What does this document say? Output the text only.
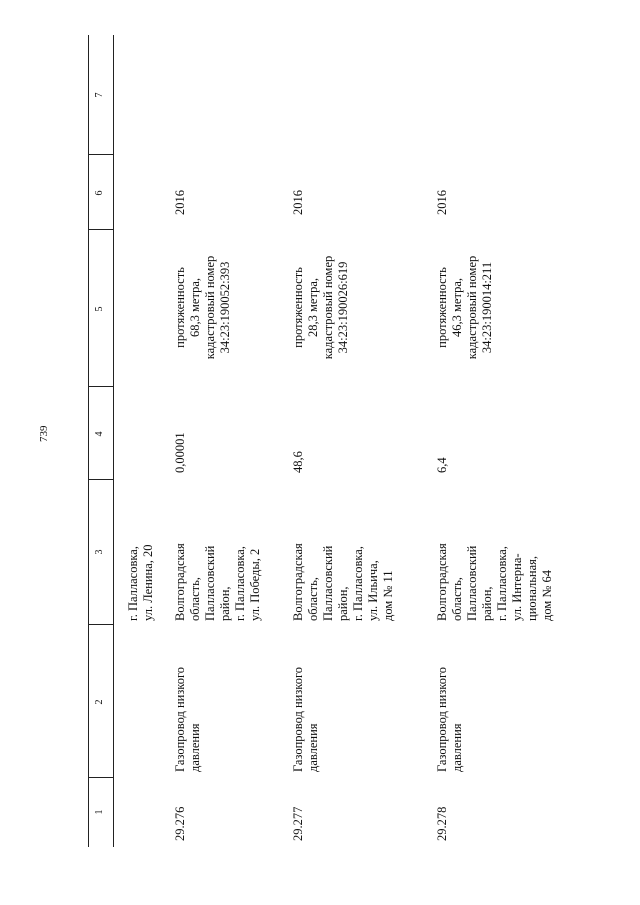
739
1
2
3
4
5
6
7
г. Палласовка,
ул. Ленина, 20
29.276
Газопровод низкого
давления
Волгоградская
область,
Палласовский
район,
г. Палласовка,
ул. Победы, 2
0,00001
протяженность
68,3 метра,
кадастровый номер
34:23:190052:393
2016
29.277
Газопровод низкого
давления
Волгоградская
область,
Палласовский
район,
г. Палласовка,
ул. Ильича,
дом № 11
48,6
протяженность
28,3 метра,
кадастровый номер
34:23:190026:619
2016
29.278
Газопровод низкого
давления
Волгоградская
область,
Палласовский
район,
г. Палласовка,
ул. Интерна-
циональная,
дом № 64
6,4
протяженность
46,3 метра,
кадастровый номер
34:23:190014:211
2016
